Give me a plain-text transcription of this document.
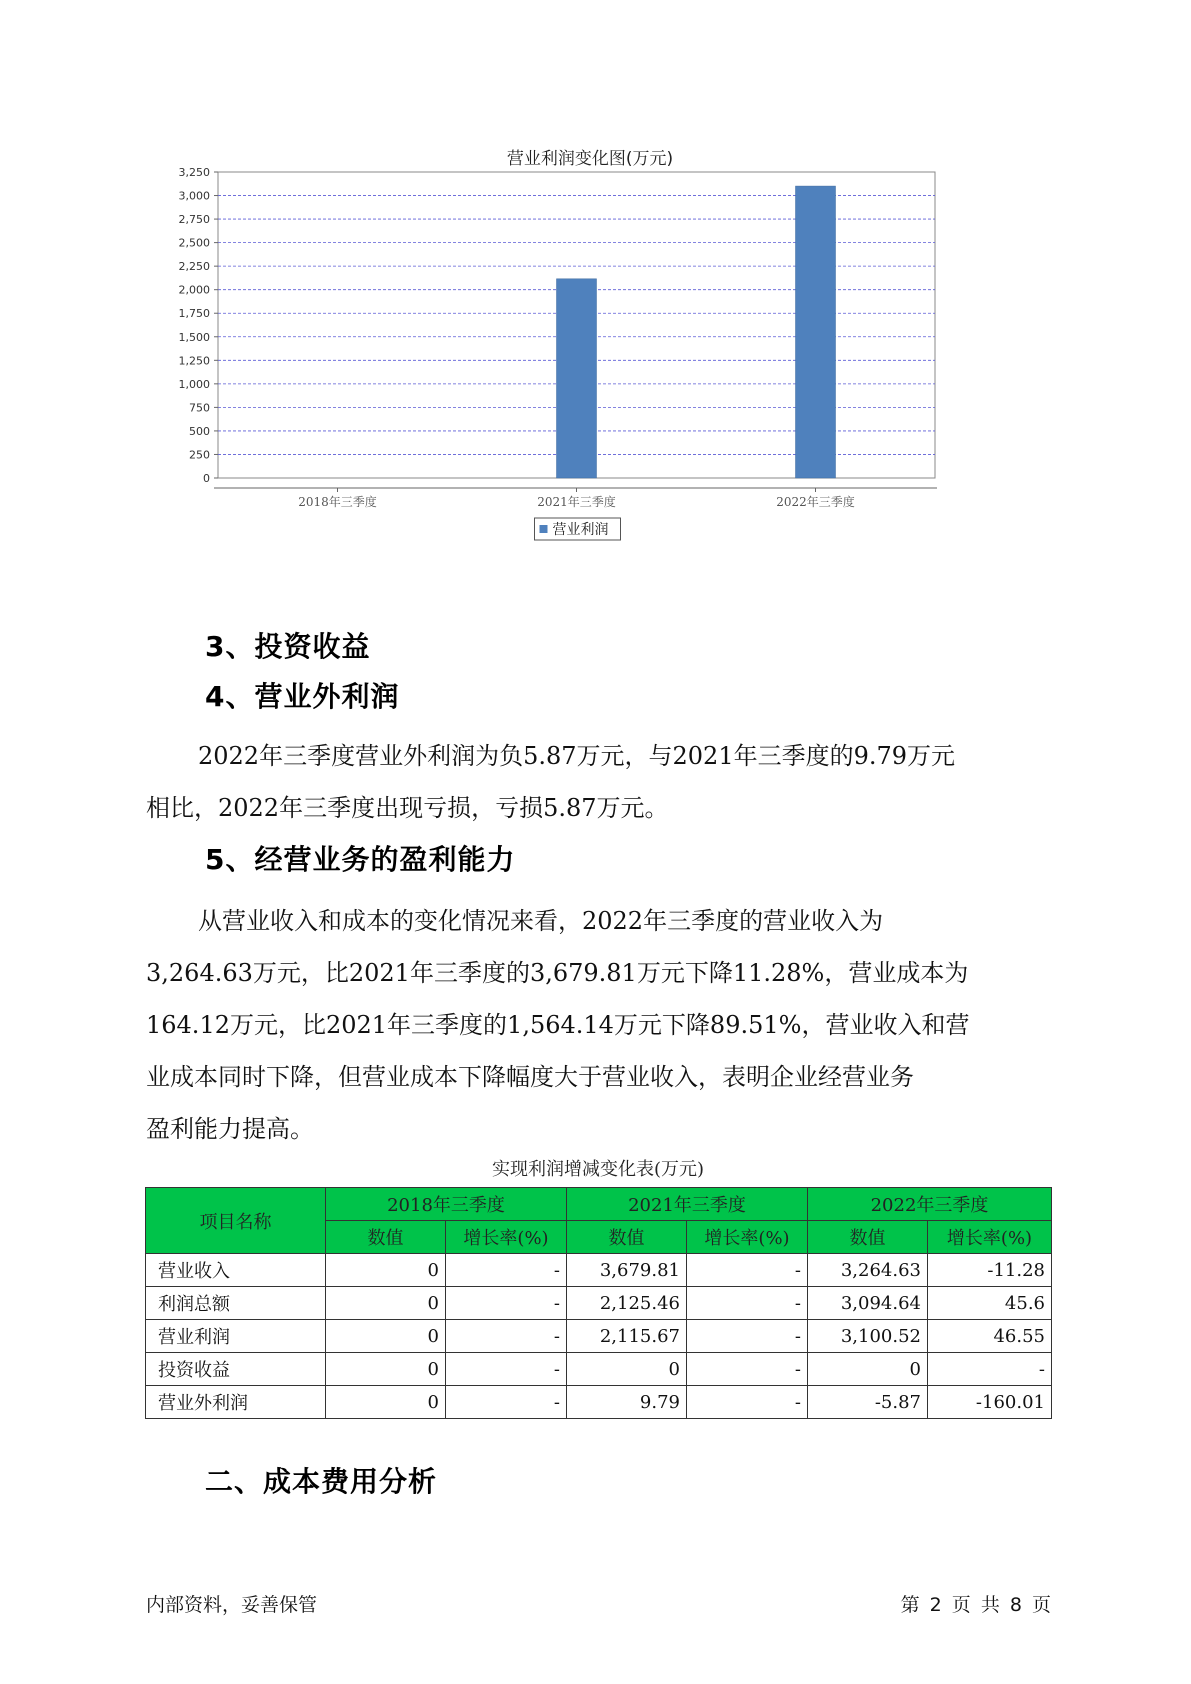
0
250
500
750
1,000
1,250
1,500
1,750
2,000
2,250
2,500
2,750
3,000
3,250
2018年三季度	2021年三季度	2022年三季度
营业利润
营业利润变化图(万元)
3、投资收益
4、营业外利润
2022年三季度营业外利润为负5.87万元，与2021年三季度的9.79万元
相比，2022年三季度出现亏损，亏损5.87万元。
5、经营业务的盈利能力
从营业收入和成本的变化情况来看，2022年三季度的营业收入为
3,264.63万元，比2021年三季度的3,679.81万元下降11.28%，营业成本为
164.12万元，比2021年三季度的1,564.14万元下降89.51%，营业收入和营
业成本同时下降，但营业成本下降幅度大于营业收入，表明企业经营业务
盈利能力提高。
实现利润增减变化表(万元)
项目名称	2018年三季度		2021年三季度		2022年三季度	
	数值	增长率(%)	数值	增长率(%)	数值	增长率(%)
营业收入	0	-	3,679.81	-	3,264.63	-11.28
利润总额	0	-	2,125.46	-	3,094.64	45.6
营业利润	0	-	2,115.67	-	3,100.52	46.55
投资收益	0	-	0	-	0	-
营业外利润	0	-	9.79	-	-5.87	-160.01
二、成本费用分析
内部资料，妥善保管	第 2 页 共 8 页
